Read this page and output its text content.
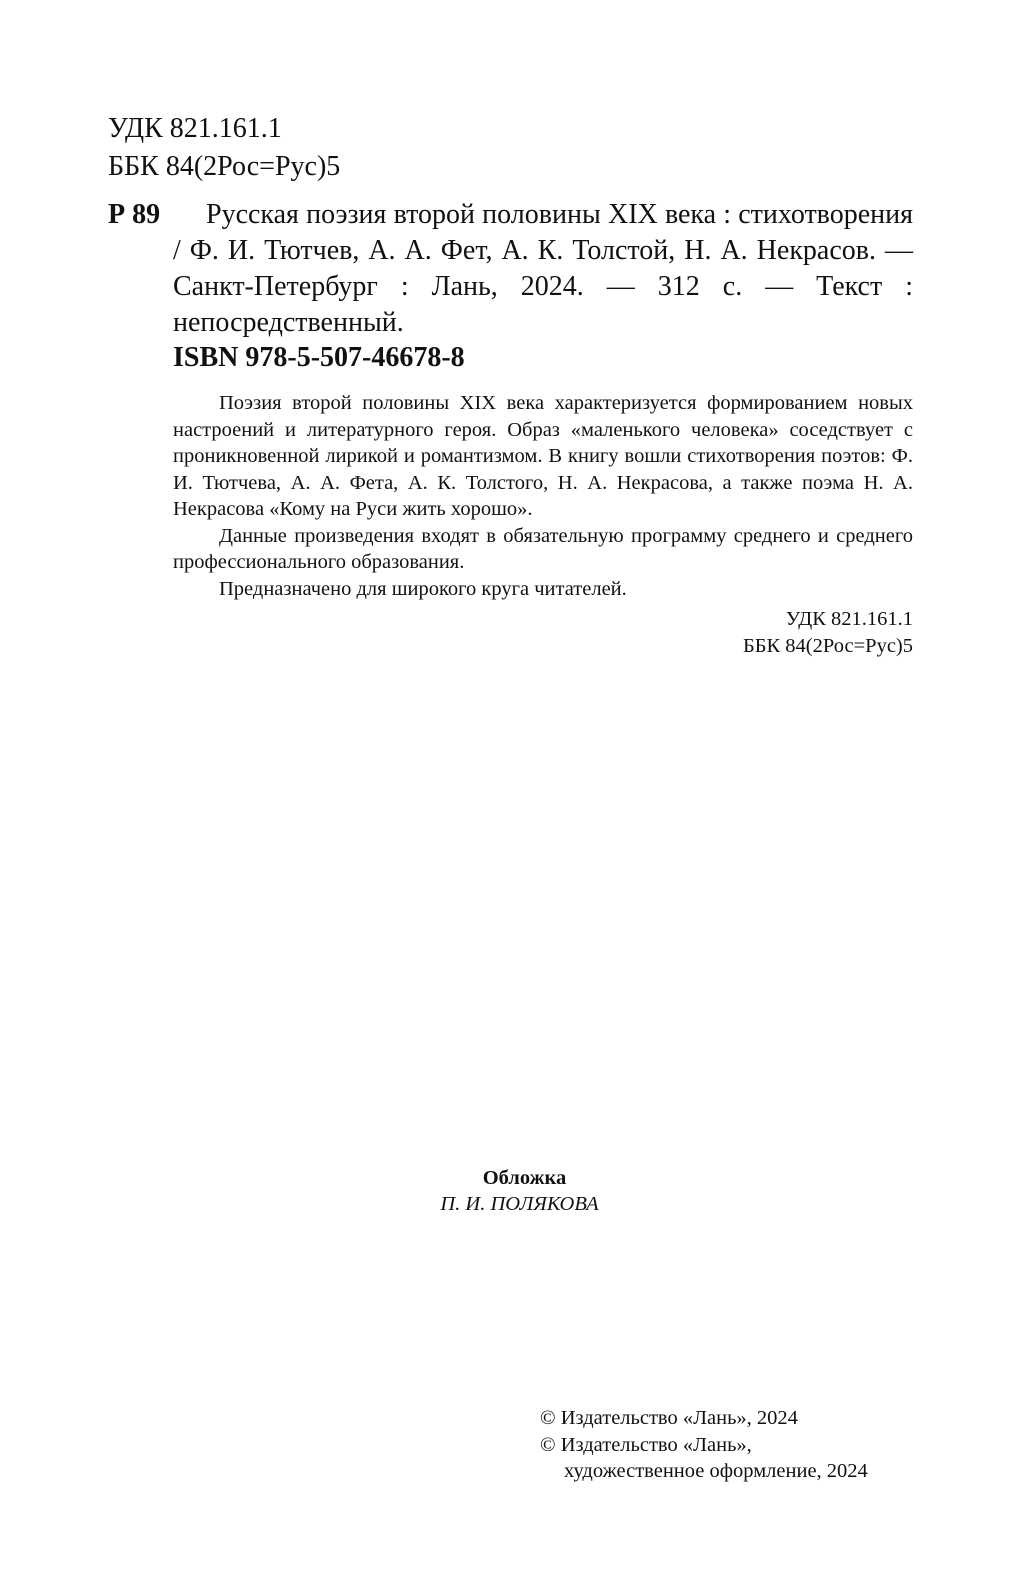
УДК 821.161.1
ББК 84(2Рос=Рус)5
Р 89	Русская поэзия второй половины XIX века : стихотворения / Ф. И. Тютчев, А. А. Фет, А. К. Толстой, Н. А. Некрасов. — Санкт-Петербург : Лань, 2024. — 312 с. — Текст : непосредственный.
ISBN 978-5-507-46678-8

Поэзия второй половины XIX века характеризуется формированием новых настроений и литературного героя. Образ «маленького человека» соседствует с проникновенной лирикой и романтизмом. В книгу вошли стихотворения поэтов: Ф. И. Тютчева, А. А. Фета, А. К. Толстого, Н. А. Некрасова, а также поэма Н. А. Некрасова «Кому на Руси жить хорошо».

Данные произведения входят в обязательную программу среднего и среднего профессионального образования.

Предназначено для широкого круга читателей.

УДК 821.161.1
ББК 84(2Рос=Рус)5
Обложка
П. И. ПОЛЯКОВА
© Издательство «Лань», 2024
© Издательство «Лань»,
художественное оформление, 2024
